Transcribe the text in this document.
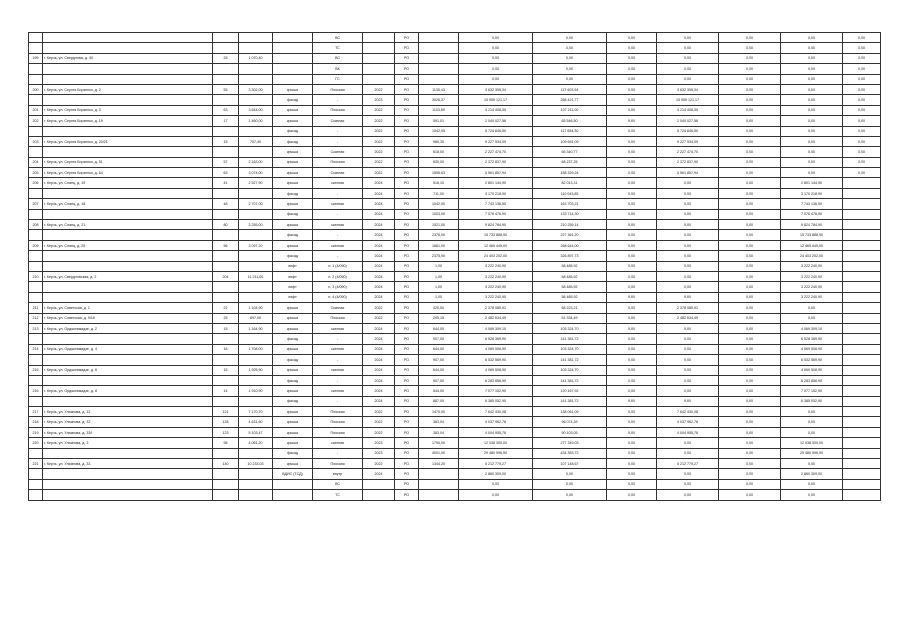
					ВС		РО		0,00	0,00	0,00	0,00	0,00	0,00	0,00
					ТС		РО		0,00	0,00	0,00	0,00	0,00	0,00	0,00
199	г. Керчь, ул. Свердлова, д. 40	25	1 070,40		ВС		РО		0,00	0,00	0,00	0,00	0,00	0,00	0,00
					ВК		РО		0,00	0,00	0,00	0,00	0,00	0,00	0,00
					ГС		РО		0,00	0,00	0,00	0,00	0,00	0,00	0,00
200	г. Керчь, ул. Сергея Борзенко, д. 2	55	3 302,00	крыша	Плоская	2022	РО	1135,43	3 632 355,34	117 603,54	0,00	3 632 355,34	0,00	0,00	0,00
				фасад	-	2023	РО	3026,37	15 059 121,17	258 421,77	0,00	15 059 121,17	0,00	0,00	0,00
201	г. Керчь, ул. Сергея Борзенко, д. 3	63	3 644,00	крыша	Плоская	2022	РО	1103,60	3 214 408,35	107 211,00	0,00	3 214 408,35	0,00	0,00	0,00
202	г. Керчь, ул. Сергея Борзенко, д. 19	17	1 460,00	крыша	Скатная	2022	РО	591,01	2 040 027,56	65 546,50	0,00	2 040 027,56	0,00	0,00	0,00
				фасад	-	2022	РО	1042,05	5 724 646,50	117 654,30	0,00	5 724 646,50	0,00	0,00	0,00
203	г. Керчь, ул. Сергея Борзенко, д. 20/21	15	707,40	фасад	-	2022	РО	980,30	5 227 534,09	109 651,09	0,00	5 227 534,09	0,00	0,00	0,00
				крыша	Скатная	2022	РО	618,00	2 227 474,70	65 340,77	0,00	2 227 474,70	0,00	0,00	0,00
204	г. Керчь, ул. Сергея Борзенко, д. 51	57	2 163,00	крыша	Плоская	2022	РО	630,00	2 372 837,90	68 237,25	0,00	2 372 837,90	0,00	0,00	0,00
205	г. Керчь, ул. Сергея Борзенко, д. 64	63	3 074,00	крыша	Скатная	2022	РО	1596,63	5 561 857,94	158 329,24	0,00	5 561 857,94	0,00	0,00	0,00
206	г. Керчь, ул. Сланц, д. 19	41	2 527,90	крыша	скатная	2024	РО	516,10	2 801 144,90	82 013,31	0,00	0,00	0,00	2 801 144,90	
				фасад	-	2024	РО	711,00	3 170 218,90	110 043,85	0,00	0,00	0,00	3 170 218,90	
207	г. Керчь, ул. Сланц, д. 18	48	2 707,00	крыша	скатная	2024	РО	1042,00	7 743 136,50	163 703,21	0,00	0,00	0,00	7 743 136,50	
				фасад	-	2024	РО	1003,00	7 076 476,90	133 714,30	0,00	0,00	0,00	7 076 476,90	
208	г. Керчь, ул. Сланц, д. 21	80	3 255,00	крыша	скатная	2024	РО	1521,00	9 824 784,90	210 259,14	0,00	0,00	0,00	9 824 784,90	
				фасад	-	2024	РО	2376,00	15 733 888,90	227 361,20	0,00	0,00	0,00	15 733 888,90	
209	г. Керчь, ул. Сланц, д. 25	56	3 097,20	крыша	скатная	2024	РО	1661,00	12 465 445,00	268 644,00	0,00	0,00	0,00	12 465 445,00	
				фасад	-	2024	РО	2375,90	24 403 202,00	326 897,73	0,00	0,00	0,00	24 403 202,00	
				лифт	п. 1 (4/090)	2024	РО	1,00	3 222 240,90	58 485,92	0,00	0,00	0,00	3 222 240,90	
210	г. Керчь, ул. Свердловская, д. 2	204	11 211,00	лифт	п. 2 (4/090)	2024	РО	1,00	3 222 240,90	58 485,92	0,00	0,00	0,00	3 222 240,90	
				лифт	п. 3 (4/090)	2024	РО	1,00	3 222 240,90	58 485,92	0,00	0,00	0,00	3 222 240,90	
				лифт	п. 4 (4/090)	2024	РО	1,00	3 222 240,90	58 485,92	0,00	0,00	0,00	3 222 240,90	
211	г. Керчь, ул. Советская, д. 1	22	1 104,90	крыша	Скатная	2022	РО	420,50	2 378 085,91	68 223,21	0,00	2 378 085,91	0,00	0,00	
212	г. Керчь, ул. Советская, д. 9/16	25	697,00	крыша	Плоская	2022	РО	295,15	2 482 634,49	51 334,49	0,00	2 482 634,49	0,00	0,00	
213	г. Керчь, ул. Орджоникидзе, д. 2	15	1 164,90	крыша	скатная	2024	РО	644,00	4 069 309,10	103 324,70	0,00	0,00	0,00	4 069 309,10	
				фасад	-	2024	РО	907,00	6 528 369,90	141 381,72	0,00	0,00	0,00	6 528 369,90	
214	г. Керчь, ул. Орджоникидзе, д. 4	18	1 708,00	крыша	скатная	2024	РО	644,00	4 069 508,90	103 324,70	0,00	0,00	0,00	4 069 508,90	
				фасад	-	2024	РО	907,00	6 532 569,90	141 381,72	0,00	0,00	0,00	6 532 569,90	
215	г. Керчь, ул. Орджоникидзе, д. 6	15	1 925,90	крыша	скатная	2024	РО	644,00	4 069 508,90	103 324,70	0,00	0,00	0,00	4 069 508,90	
				фасад	-	2024	РО	907,00	6 283 856,90	141 381,72	0,00	0,00	0,00	6 283 856,90	
216	г. Керчь, ул. Орджоникидзе, д. 8	14	1 910,90	крыша	скатная	2024	РО	544,00	7 077 152,90	120 167,92	0,00	0,00	0,00	7 077 152,90	
				фасад	-	2024	РО	887,00	6 385 052,90	141 381,72	0,00	0,00	0,00	6 385 052,90	
217	г. Керчь, ул. Ульянова, д. 12	121	7 170,70	крыша	Плоская	2022	РО	1470,00	7 642 430,08	138 061,09	0,00	7 642 430,08	0,00	0,00	
218	г. Керчь, ул. Ульянова, д. 32	128	4 631,60	крыша	Плоская	2022	РО	383,04	4 037 962,78	96 074,39	0,00	4 037 962,78	0,00	0,00	
219	г. Керчь, ул. Ульянова, д. 33/I	123	5 103,47	крыша	Плоская	2022	РО	383,04	4 004 955,76	90 103,05	0,00	4 004 955,76	0,00	0,00	
220	г. Керчь, ул. Ульянова, д. 3	98	4 061,20	крыша	скатная	2023	РО	1790,00	12 038 300,00	277 349,03	0,00	0,00	0,00	12 038 300,00	
				фасад	-	2023	РО	4001,00	29 480 996,90	434 353,72	0,00	0,00	0,00	29 480 996,90	
221	г. Керчь, ул. Ульянова, д. 33	140	10 233,03	крыша	Плоская	2022	РО	1344,20	5 212 775,27	107 148,67	0,00	5 212 775,27	0,00	0,00	
				ВДИС (ТСД)	внутр	2024	РО		2 860 309,00	0,00	0,00	0,00	0,00	2 860 309,00	
					ВС		РО		0,00	0,00	0,00	0,00	0,00	0,00	
					ТС		РО		0,00	0,00	0,00	0,00	0,00	0,00	
